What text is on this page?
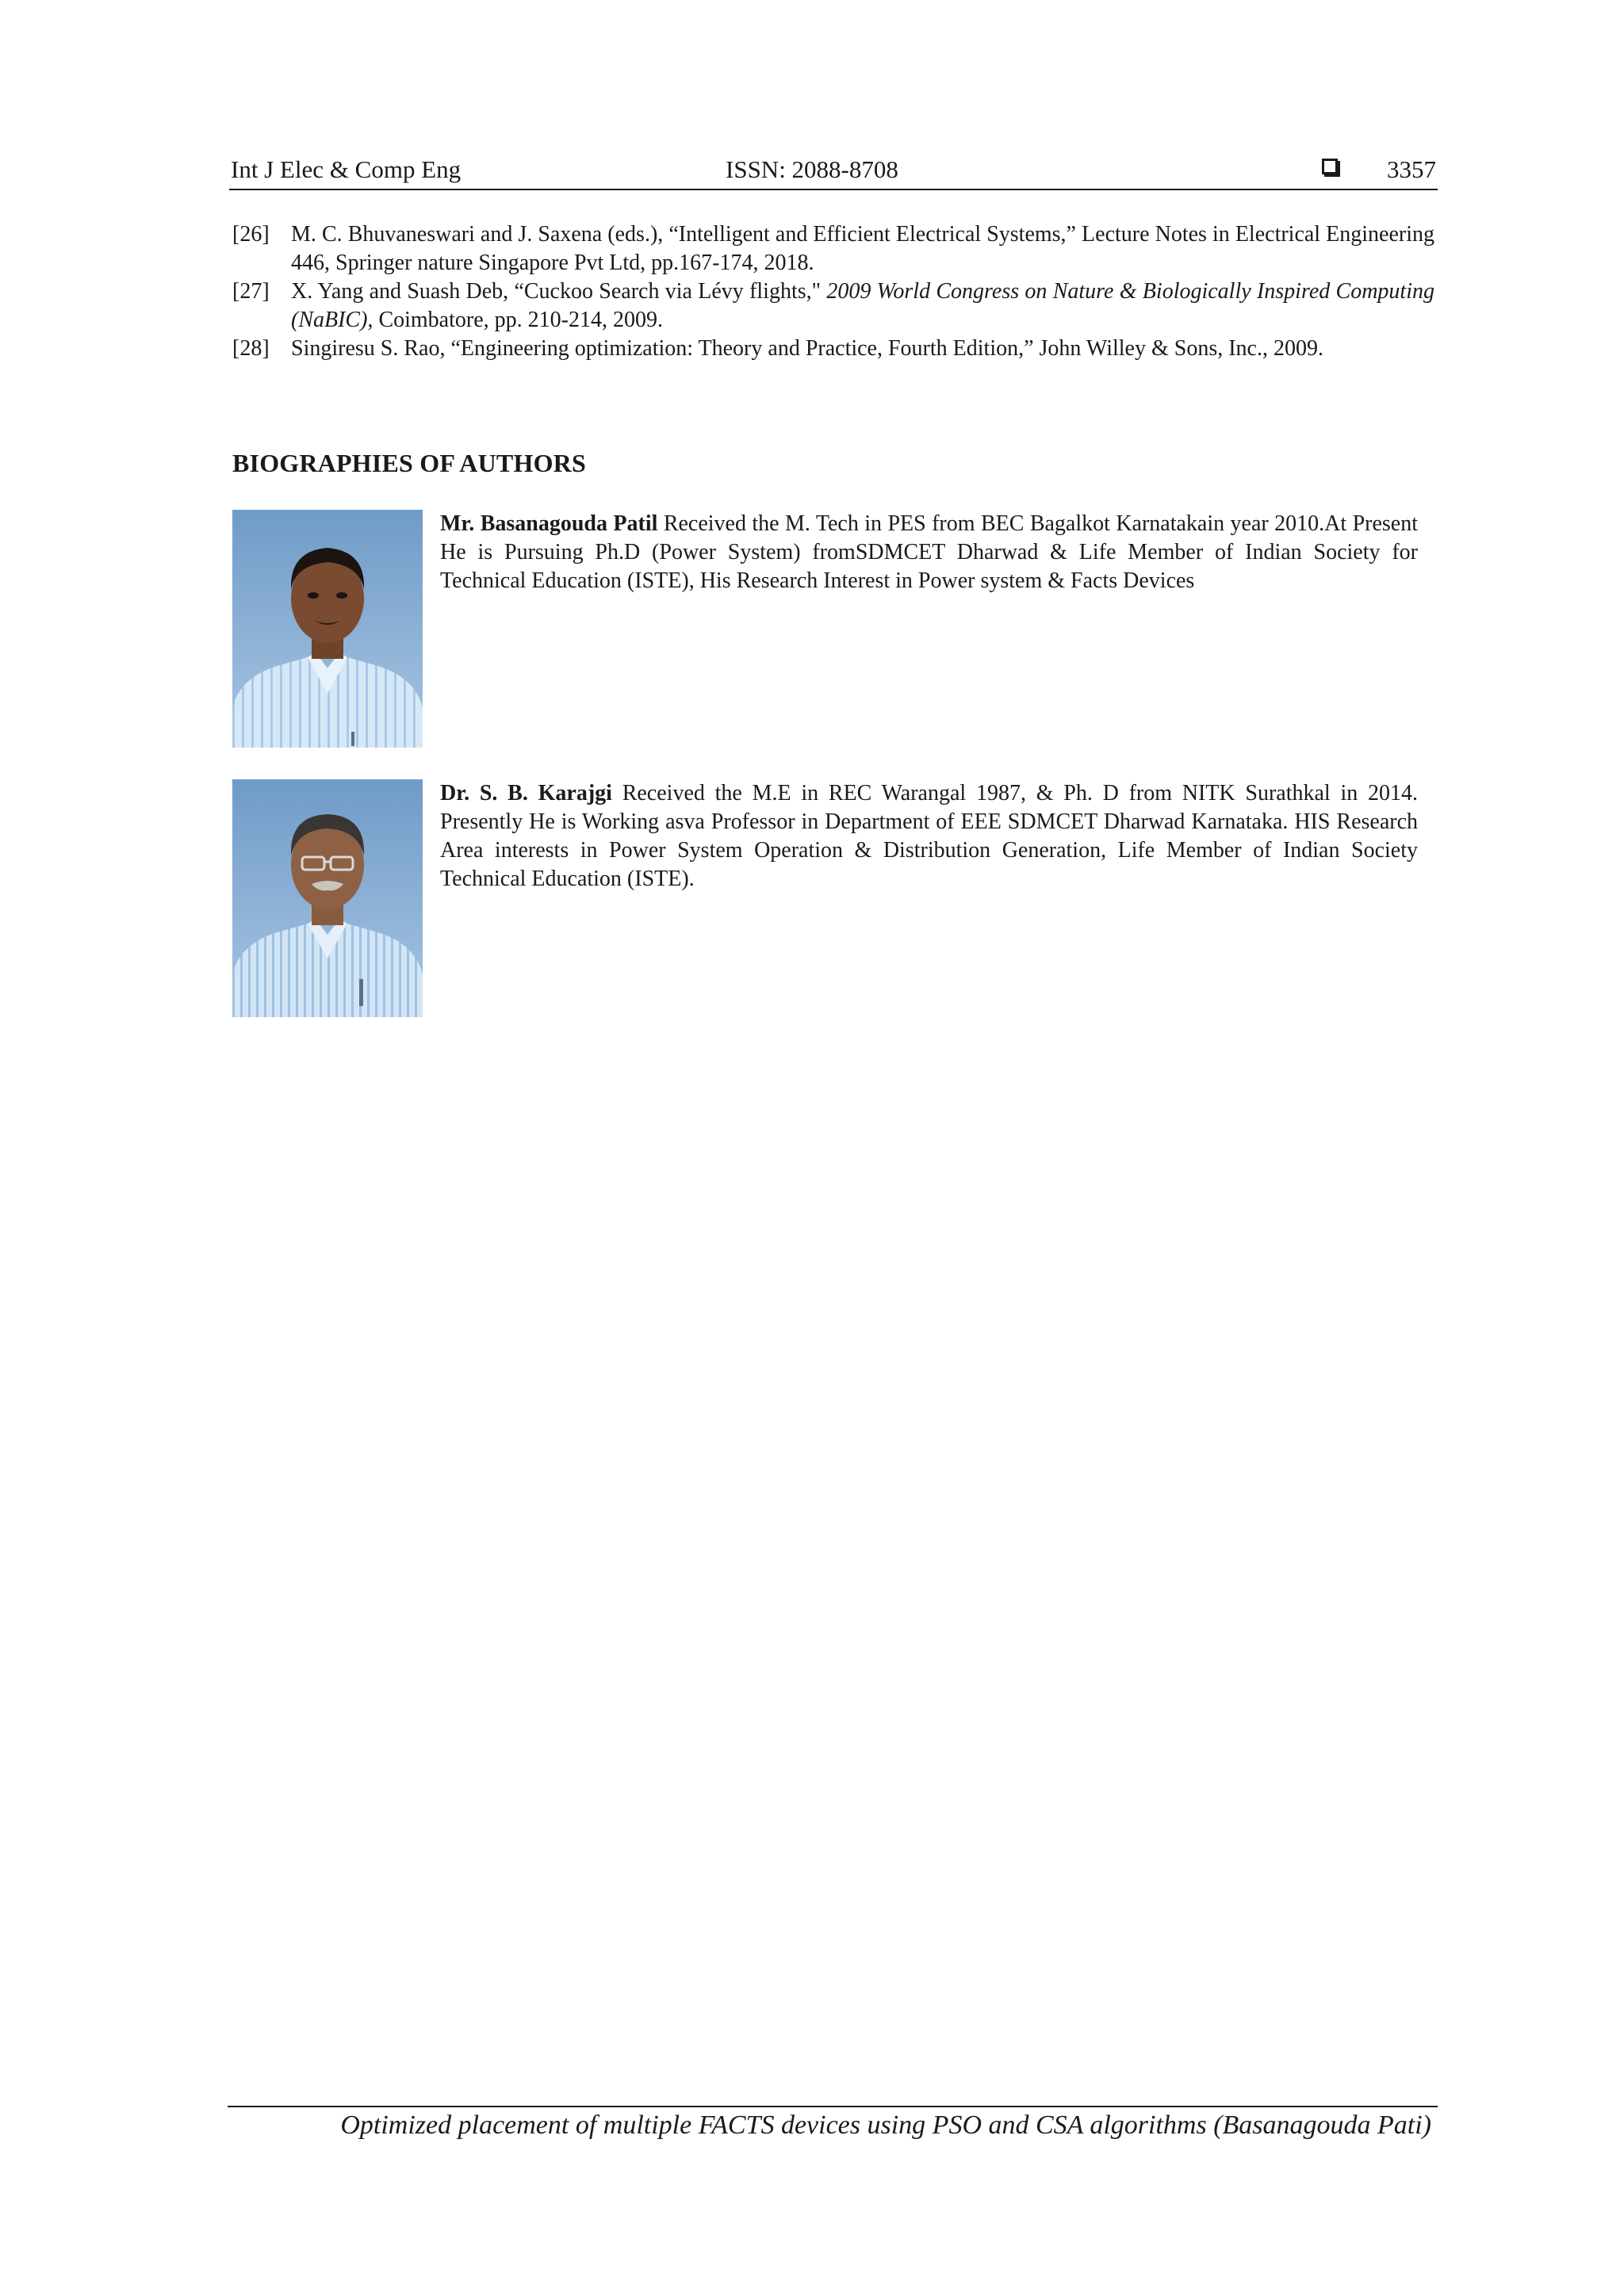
Int J Elec & Comp Eng	ISSN: 2088-8708	3357

[26] M. C. Bhuvaneswari and J. Saxena (eds.), “Intelligent and Efficient Electrical Systems,” Lecture Notes in Electrical Engineering 446, Springer nature Singapore Pvt Ltd, pp.167-174, 2018.

[27] X. Yang and Suash Deb, “Cuckoo Search via Lévy flights," 2009 World Congress on Nature & Biologically Inspired Computing (NaBIC), Coimbatore, pp. 210-214, 2009.

[28] Singiresu S. Rao, “Engineering optimization: Theory and Practice, Fourth Edition,” John Willey & Sons, Inc., 2009.

BIOGRAPHIES OF AUTHORS

Mr. Basanagouda Patil Received the M. Tech in PES from BEC Bagalkot Karnatakain year 2010.At Present He is Pursuing Ph.D (Power System) fromSDMCET Dharwad & Life Member of Indian Society for Technical Education (ISTE), His Research Interest in Power system & Facts Devices

Dr. S. B. Karajgi Received the M.E in REC Warangal 1987, & Ph. D from NITK Surathkal in 2014. Presently He is Working asva Professor in Department of EEE SDMCET Dharwad Karnataka. HIS Research Area interests in Power System Operation & Distribution Generation, Life Member of Indian Society Technical Education (ISTE).

Optimized placement of multiple FACTS devices using PSO and CSA algorithms (Basanagouda Pati)
